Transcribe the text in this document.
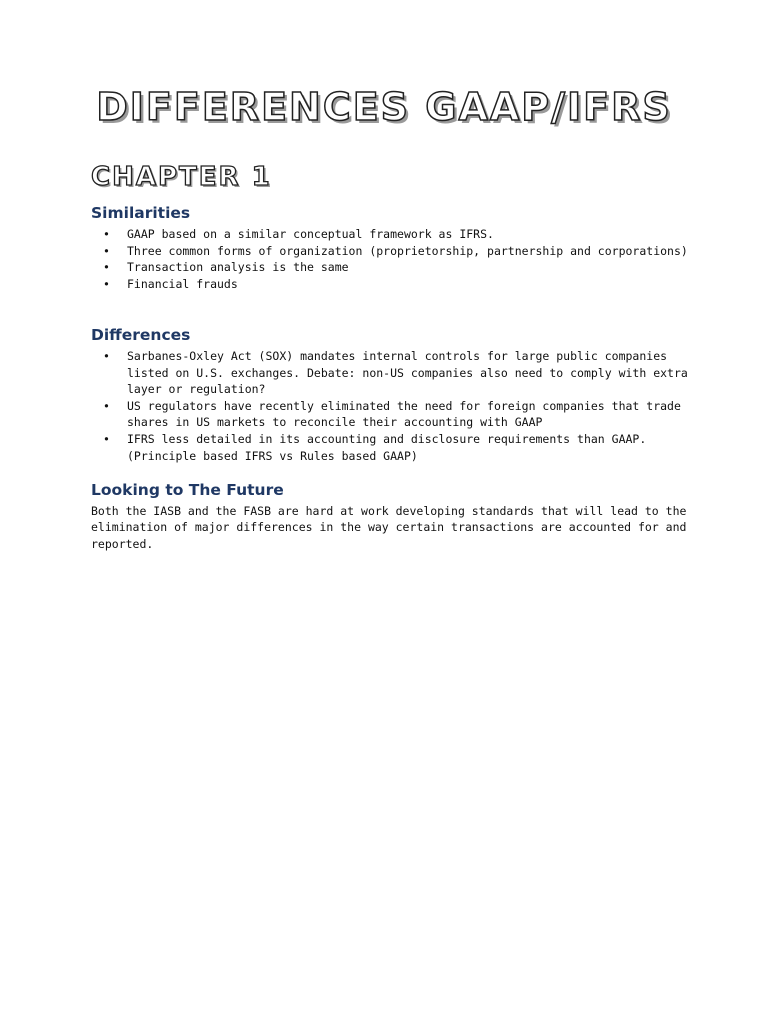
DIFFERENCES GAAP/IFRS
CHAPTER 1
Similarities
• GAAP based on a similar conceptual framework as IFRS.
• Three common forms of organization (proprietorship, partnership and corporations)
• Transaction analysis is the same
• Financial frauds
Differences
• Sarbanes-Oxley Act (SOX) mandates internal controls for large public companies listed on U.S. exchanges. Debate: non-US companies also need to comply with extra layer or regulation?
• US regulators have recently eliminated the need for foreign companies that trade shares in US markets to reconcile their accounting with GAAP
• IFRS less detailed in its accounting and disclosure requirements than GAAP. (Principle based IFRS vs Rules based GAAP)
Looking to The Future

Both the IASB and the FASB are hard at work developing standards that will lead to the elimination of major differences in the way certain transactions are accounted for and reported.
